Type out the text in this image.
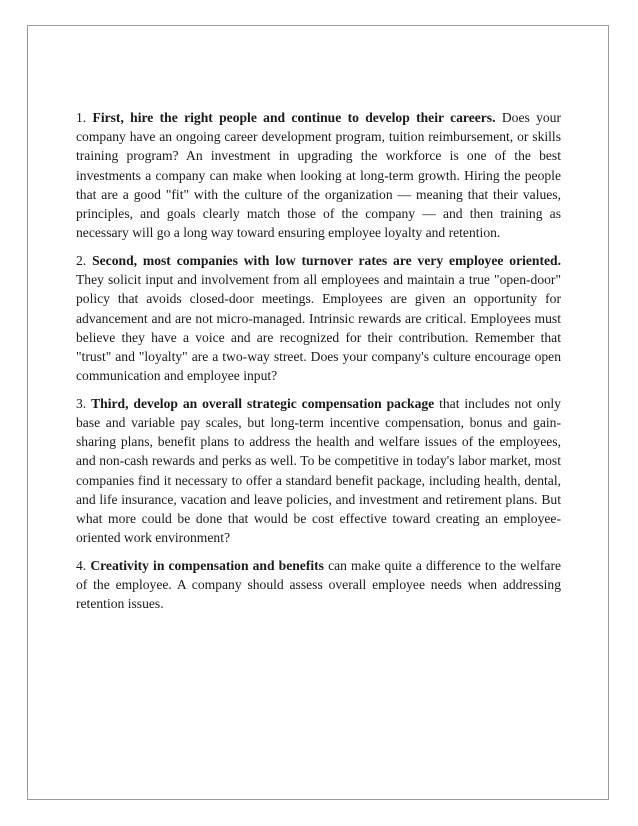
1. First, hire the right people and continue to develop their careers. Does your company have an ongoing career development program, tuition reimbursement, or skills training program? An investment in upgrading the workforce is one of the best investments a company can make when looking at long-term growth. Hiring the people that are a good "fit" with the culture of the organization — meaning that their values, principles, and goals clearly match those of the company — and then training as necessary will go a long way toward ensuring employee loyalty and retention.

2. Second, most companies with low turnover rates are very employee oriented. They solicit input and involvement from all employees and maintain a true "open-door" policy that avoids closed-door meetings. Employees are given an opportunity for advancement and are not micro-managed. Intrinsic rewards are critical. Employees must believe they have a voice and are recognized for their contribution. Remember that "trust" and "loyalty" are a two-way street. Does your company's culture encourage open communication and employee input?

3. Third, develop an overall strategic compensation package that includes not only base and variable pay scales, but long-term incentive compensation, bonus and gain-sharing plans, benefit plans to address the health and welfare issues of the employees, and non-cash rewards and perks as well. To be competitive in today's labor market, most companies find it necessary to offer a standard benefit package, including health, dental, and life insurance, vacation and leave policies, and investment and retirement plans. But what more could be done that would be cost effective toward creating an employee-oriented work environment?

4. Creativity in compensation and benefits can make quite a difference to the welfare of the employee. A company should assess overall employee needs when addressing retention issues.
